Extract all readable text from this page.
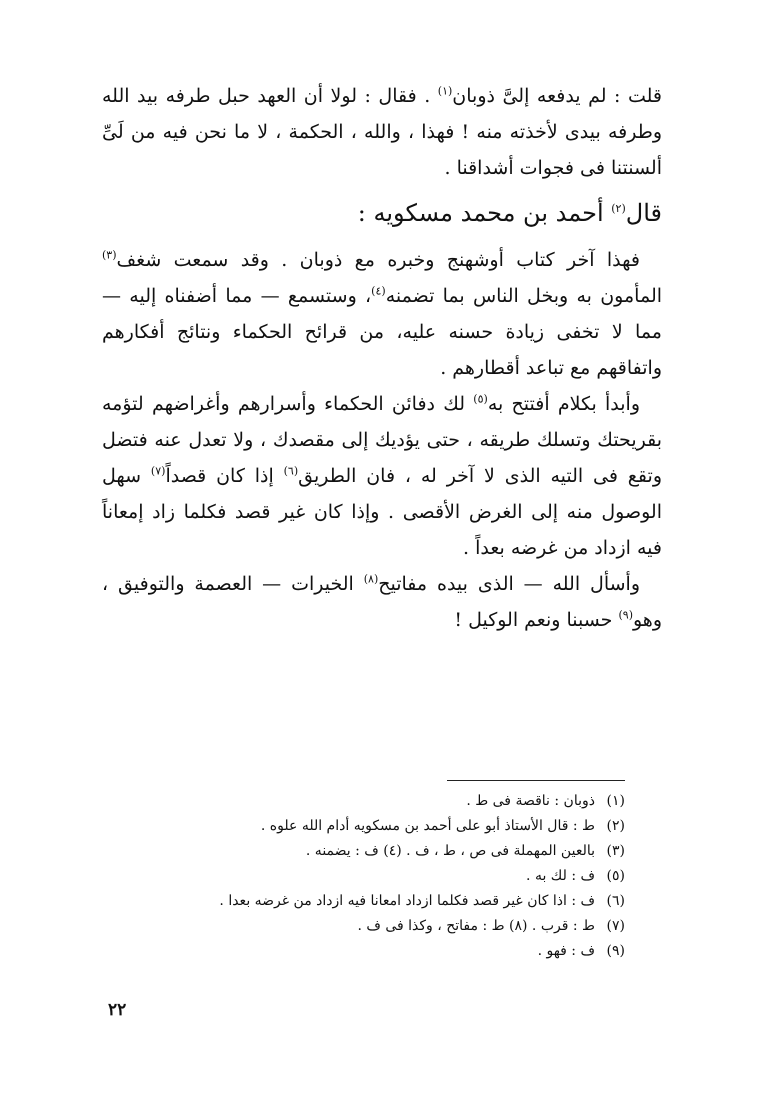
قلت : لم يدفعه إلىَّ ذوبان$^{(١)}$ . فقال : لولا أن العهد حبل طرفه بيد الله وطرفه بيدى لأخذته منه ! فهذا ، والله ، الحكمة ، لا ما نحن فيه من لَىِّ ألسنتنا فى فجوات أشداقنا .

قال$^{(٢)}$ أحمد بن محمد مسكويه :

فهذا آخر كتاب أوشهنج وخبره مع ذوبان . وقد سمعت شغف$^{(٣)}$ المأمون به وبخل الناس بما تضمنه$^{(٤)}$، وستسمع — مما أضفناه إليه — مما لا تخفى زيادة حسنه عليه، من قرائح الحكماء ونتائج أفكارهم واتفاقهم مع تباعد أقطارهم .

وأبدأ بكلام أفتتح به$^{(٥)}$ لك دفائن الحكماء وأسرارهم وأغراضهم لتؤمه بقريحتك وتسلك طريقه ، حتى يؤديك إلى مقصدك ، ولا تعدل عنه فتضل وتقع فى التيه الذى لا آخر له ، فان الطريق$^{(٦)}$ إذا كان قصداً$^{(٧)}$ سهل الوصول منه إلى الغرض الأقصى . وإذا كان غير قصد فكلما زاد إمعاناً فيه ازداد من غرضه بعداً .

وأسأل الله — الذى بيده مفاتيح$^{(٨)}$ الخيرات — العصمة والتوفيق ، وهو$^{(٩)}$ حسبنا ونعم الوكيل !

(١)ذوبان : ناقصة فى ط .
(٢)ط : قال الأستاذ أبو على أحمد بن مسكويه أدام الله علوه .
(٣)بالعين المهملة فى ص ، ط ، ف . (٤) ف : يضمنه .
(٥)ف : لك به .
(٦)ف : اذا كان غير قصد فكلما ازداد امعانا فيه ازداد من غرضه بعدا .
(٧)ط : قرب . (٨) ط : مفاتح ، وكذا فى ف .
(٩)ف : فهو .
٢٢
